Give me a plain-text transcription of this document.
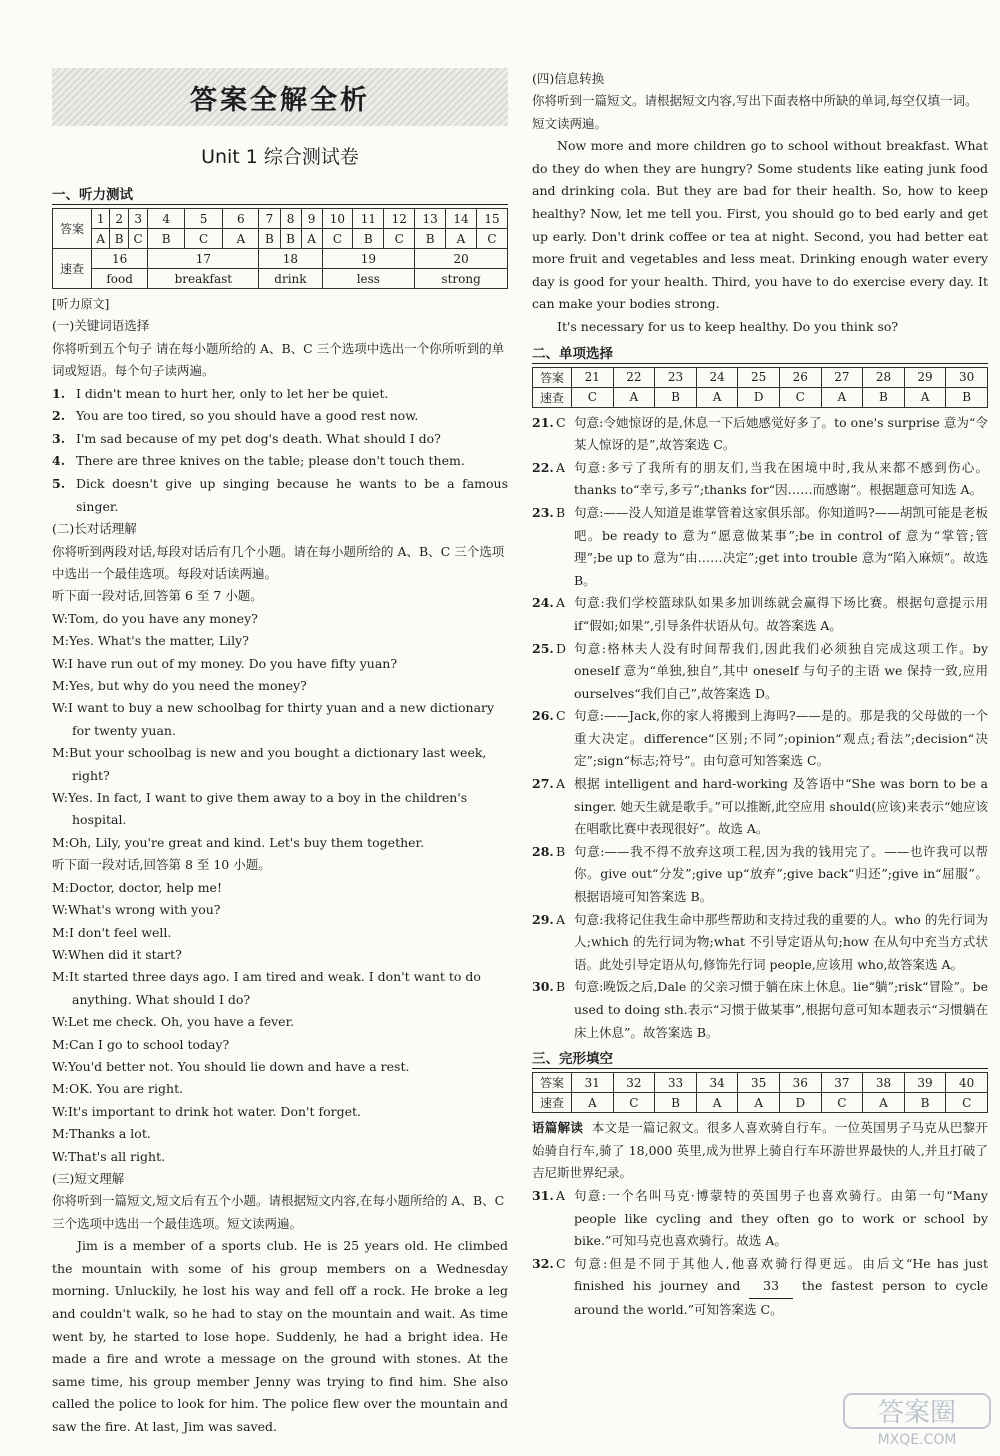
答案全解全析
Unit 1 综合测试卷
一、听力测试
答案	1	2	3	4	5	6	7	8	9	10	11	12	13	14	15
	A	B	C	B	C	A	B	B	A	C	B	C	B	A	C
速查	16			17			18			19			20		
	food			breakfast			drink			less			strong		

[听力原文]

(一)关键词语选择

你将听到五个句子 请在每小题所给的 A、B、C 三个选项中选出一个你所听到的单词或短语。每个句子读两遍。

1. I didn't mean to hurt her, only to let her be quiet.
2. You are too tired, so you should have a good rest now.
3. I'm sad because of my pet dog's death. What should I do?
4. There are three knives on the table; please don't touch them.
5. Dick doesn't give up singing because he wants to be a famous singer.

(二)长对话理解

你将听到两段对话,每段对话后有几个小题。请在每小题所给的 A、B、C 三个选项中选出一个最佳选项。每段对话读两遍。

听下面一段对话,回答第 6 至 7 小题。

W:Tom, do you have any money?

M:Yes. What's the matter, Lily?

W:I have run out of my money. Do you have fifty yuan?

M:Yes, but why do you need the money?

W:I want to buy a new schoolbag for thirty yuan and a new dictionary for twenty yuan.

M:But your schoolbag is new and you bought a dictionary last week, right?

W:Yes. In fact, I want to give them away to a boy in the children's hospital.

M:Oh, Lily, you're great and kind. Let's buy them together.

听下面一段对话,回答第 8 至 10 小题。

M:Doctor, doctor, help me!

W:What's wrong with you?

M:I don't feel well.

W:When did it start?

M:It started three days ago. I am tired and weak. I don't want to do anything. What should I do?

W:Let me check. Oh, you have a fever.

M:Can I go to school today?

W:You'd better not. You should lie down and have a rest.

M:OK. You are right.

W:It's important to drink hot water. Don't forget.

M:Thanks a lot.

W:That's all right.

(三)短文理解

你将听到一篇短文,短文后有五个小题。请根据短文内容,在每小题所给的 A、B、C 三个选项中选出一个最佳选项。短文读两遍。

Jim is a member of a sports club. He is 25 years old. He climbed the mountain with some of his group members on a Wednesday morning. Unluckily, he lost his way and fell off a rock. He broke a leg and couldn't walk, so he had to stay on the mountain and wait. As time went by, he started to lose hope. Suddenly, he had a bright idea. He made a fire and wrote a message on the ground with stones. At the same time, his group member Jenny was trying to find him. She also called the police to look for him. The police flew over the mountain and saw the fire. At last, Jim was saved.

(四)信息转换

你将听到一篇短文。请根据短文内容,写出下面表格中所缺的单词,每空仅填一词。短文读两遍。

Now more and more children go to school without breakfast. What do they do when they are hungry? Some students like eating junk food and drinking cola. But they are bad for their health. So, how to keep healthy? Now, let me tell you. First, you should go to bed early and get up early. Don't drink coffee or tea at night. Second, you had better eat more fruit and vegetables and less meat. Drinking enough water every day is good for your health. Third, you have to do exercise every day. It can make your bodies strong.

It's necessary for us to keep healthy. Do you think so?

二、单项选择
答案	21	22	23	24	25	26	27	28	29	30
速查	C	A	B	A	D	C	A	B	A	B
21. C 句意:令她惊讶的是,休息一下后她感觉好多了。to one's surprise 意为“令某人惊讶的是”,故答案选 C。
22. A 句意:多亏了我所有的朋友们,当我在困境中时,我从来都不感到伤心。thanks to“幸亏,多亏”;thanks for“因……而感谢”。根据题意可知选 A。
23. B 句意:——没人知道是谁掌管着这家俱乐部。你知道吗?——胡凯可能是老板吧。be ready to 意为“愿意做某事”;be in control of 意为“掌管;管理”;be up to 意为“由……决定”;get into trouble 意为“陷入麻烦”。故选 B。
24. A 句意:我们学校篮球队如果多加训练就会赢得下场比赛。根据句意提示用 if“假如;如果”,引导条件状语从句。故答案选 A。
25. D 句意:格林夫人没有时间帮我们,因此我们必须独自完成这项工作。by oneself 意为“单独,独自”,其中 oneself 与句子的主语 we 保持一致,应用 ourselves“我们自己”,故答案选 D。
26. C 句意:——Jack,你的家人将搬到上海吗?——是的。那是我的父母做的一个重大决定。difference“区别;不同”;opinion“观点;看法”;decision“决定”;sign“标志;符号”。由句意可知答案选 C。
27. A 根据 intelligent and hard-working 及答语中“She was born to be a singer. 她天生就是歌手。”可以推断,此空应用 should(应该)来表示“她应该在唱歌比赛中表现很好”。故选 A。
28. B 句意:——我不得不放弃这项工程,因为我的钱用完了。——也许我可以帮你。give out“分发”;give up“放弃”;give back“归还”;give in“屈服”。根据语境可知答案选 B。
29. A 句意:我将记住我生命中那些帮助和支持过我的重要的人。who 的先行词为人;which 的先行词为物;what 不引导定语从句;how 在从句中充当方式状语。此处引导定语从句,修饰先行词 people,应该用 who,故答案选 A。
30. B 句意:晚饭之后,Dale 的父亲习惯于躺在床上休息。lie“躺”;risk“冒险”。be used to doing sth.表示“习惯于做某事”,根据句意可知本题表示“习惯躺在床上休息”。故答案选 B。
三、完形填空
答案	31	32	33	34	35	36	37	38	39	40
速查	A	C	B	A	A	D	C	A	B	C

语篇解读 本文是一篇记叙文。很多人喜欢骑自行车。一位英国男子马克从巴黎开始骑自行车,骑了 18,000 英里,成为世界上骑自行车环游世界最快的人,并且打破了吉尼斯世界纪录。

31. A 句意:一个名叫马克·博蒙特的英国男子也喜欢骑行。由第一句“Many people like cycling and they often go to work or school by bike.”可知马克也喜欢骑行。故选 A。
32. C 句意:但是不同于其他人,他喜欢骑行得更远。由后文“He has just finished his journey and 33 the fastest person to cycle around the world.”可知答案选 C。
答案圈
MXQE.COM
